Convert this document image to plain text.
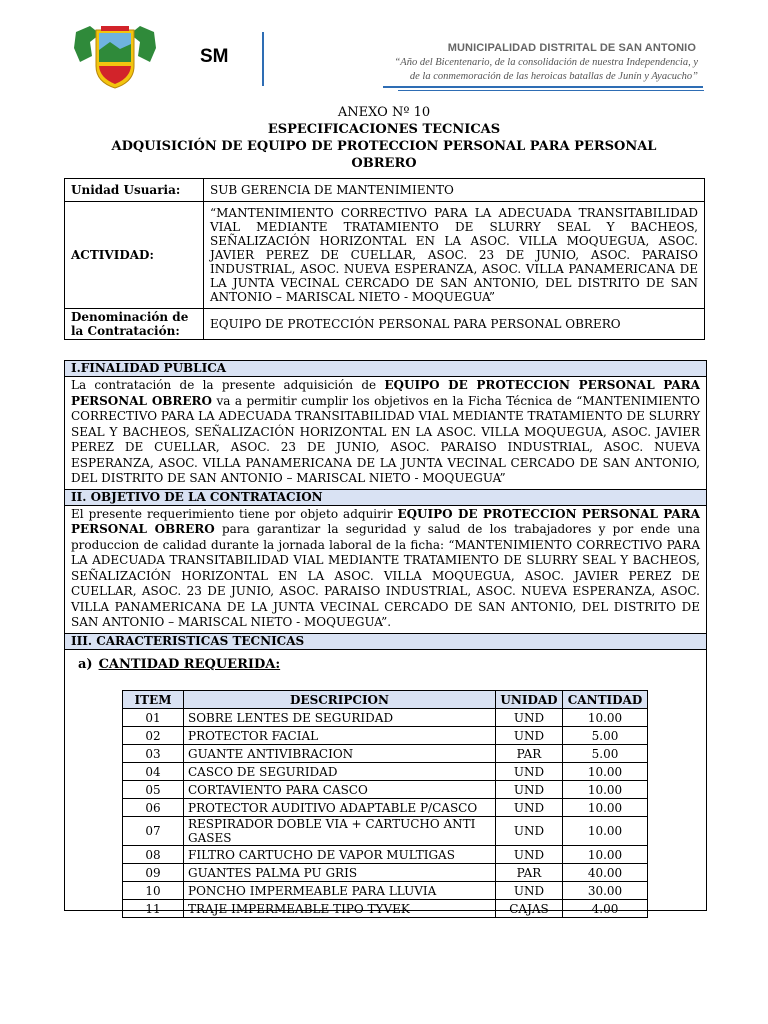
SM	MUNICIPALIDAD DISTRITAL DE SAN ANTONIO
“Año del Bicentenario, de la consolidación de nuestra Independencia, y
de la conmemoración de las heroicas batallas de Junín y Ayacucho”
ANEXO Nº 10
ESPECIFICACIONES TECNICAS
ADQUISICIÓN DE EQUIPO DE PROTECCION PERSONAL PARA PERSONAL
OBRERO
Unidad Usuaria:	SUB GERENCIA DE MANTENIMIENTO
ACTIVIDAD:	“MANTENIMIENTO CORRECTIVO PARA LA ADECUADA TRANSITABILIDAD VIAL MEDIANTE TRATAMIENTO DE SLURRY SEAL Y BACHEOS, SEÑALIZACIÓN HORIZONTAL EN LA ASOC. VILLA MOQUEGUA, ASOC. JAVIER PEREZ DE CUELLAR, ASOC. 23 DE JUNIO, ASOC. PARAISO INDUSTRIAL, ASOC. NUEVA ESPERANZA, ASOC. VILLA PANAMERICANA DE LA JUNTA VECINAL CERCADO DE SAN ANTONIO, DEL DISTRITO DE SAN ANTONIO – MARISCAL NIETO - MOQUEGUA”
Denominación de la Contratación:	EQUIPO DE PROTECCIÓN PERSONAL PARA PERSONAL OBRERO
I.FINALIDAD PUBLICA
La contratación de la presente adquisición de EQUIPO DE PROTECCION PERSONAL PARA PERSONAL OBRERO va a permitir cumplir los objetivos en la Ficha Técnica de “MANTENIMIENTO CORRECTIVO PARA LA ADECUADA TRANSITABILIDAD VIAL MEDIANTE TRATAMIENTO DE SLURRY SEAL Y BACHEOS, SEÑALIZACIÓN HORIZONTAL EN LA ASOC. VILLA MOQUEGUA, ASOC. JAVIER PEREZ DE CUELLAR, ASOC. 23 DE JUNIO, ASOC. PARAISO INDUSTRIAL, ASOC. NUEVA ESPERANZA, ASOC. VILLA PANAMERICANA DE LA JUNTA VECINAL CERCADO DE SAN ANTONIO, DEL DISTRITO DE SAN ANTONIO – MARISCAL NIETO - MOQUEGUA”
II. OBJETIVO DE LA CONTRATACION
El presente requerimiento tiene por objeto adquirir EQUIPO DE PROTECCION PERSONAL PARA PERSONAL OBRERO para garantizar la seguridad y salud de los trabajadores y por ende una produccion de calidad durante la jornada laboral de la ficha: “MANTENIMIENTO CORRECTIVO PARA LA ADECUADA TRANSITABILIDAD VIAL MEDIANTE TRATAMIENTO DE SLURRY SEAL Y BACHEOS, SEÑALIZACIÓN HORIZONTAL EN LA ASOC. VILLA MOQUEGUA, ASOC. JAVIER PEREZ DE CUELLAR, ASOC. 23 DE JUNIO, ASOC. PARAISO INDUSTRIAL, ASOC. NUEVA ESPERANZA, ASOC. VILLA PANAMERICANA DE LA JUNTA VECINAL CERCADO DE SAN ANTONIO, DEL DISTRITO DE SAN ANTONIO – MARISCAL NIETO - MOQUEGUA”.
III. CARACTERISTICAS TECNICAS
a) CANTIDAD REQUERIDA:
ITEM	DESCRIPCION	UNIDAD	CANTIDAD
01	SOBRE LENTES DE SEGURIDAD	UND	10.00
02	PROTECTOR FACIAL	UND	5.00
03	GUANTE ANTIVIBRACION	PAR	5.00
04	CASCO DE SEGURIDAD	UND	10.00
05	CORTAVIENTO PARA CASCO	UND	10.00
06	PROTECTOR AUDITIVO ADAPTABLE P/CASCO	UND	10.00
07	RESPIRADOR DOBLE VIA + CARTUCHO ANTI GASES	UND	10.00
08	FILTRO CARTUCHO DE VAPOR MULTIGAS	UND	10.00
09	GUANTES PALMA PU GRIS	PAR	40.00
10	PONCHO IMPERMEABLE PARA LLUVIA	UND	30.00
11	TRAJE IMPERMEABLE TIPO TYVEK	CAJAS	4.00
